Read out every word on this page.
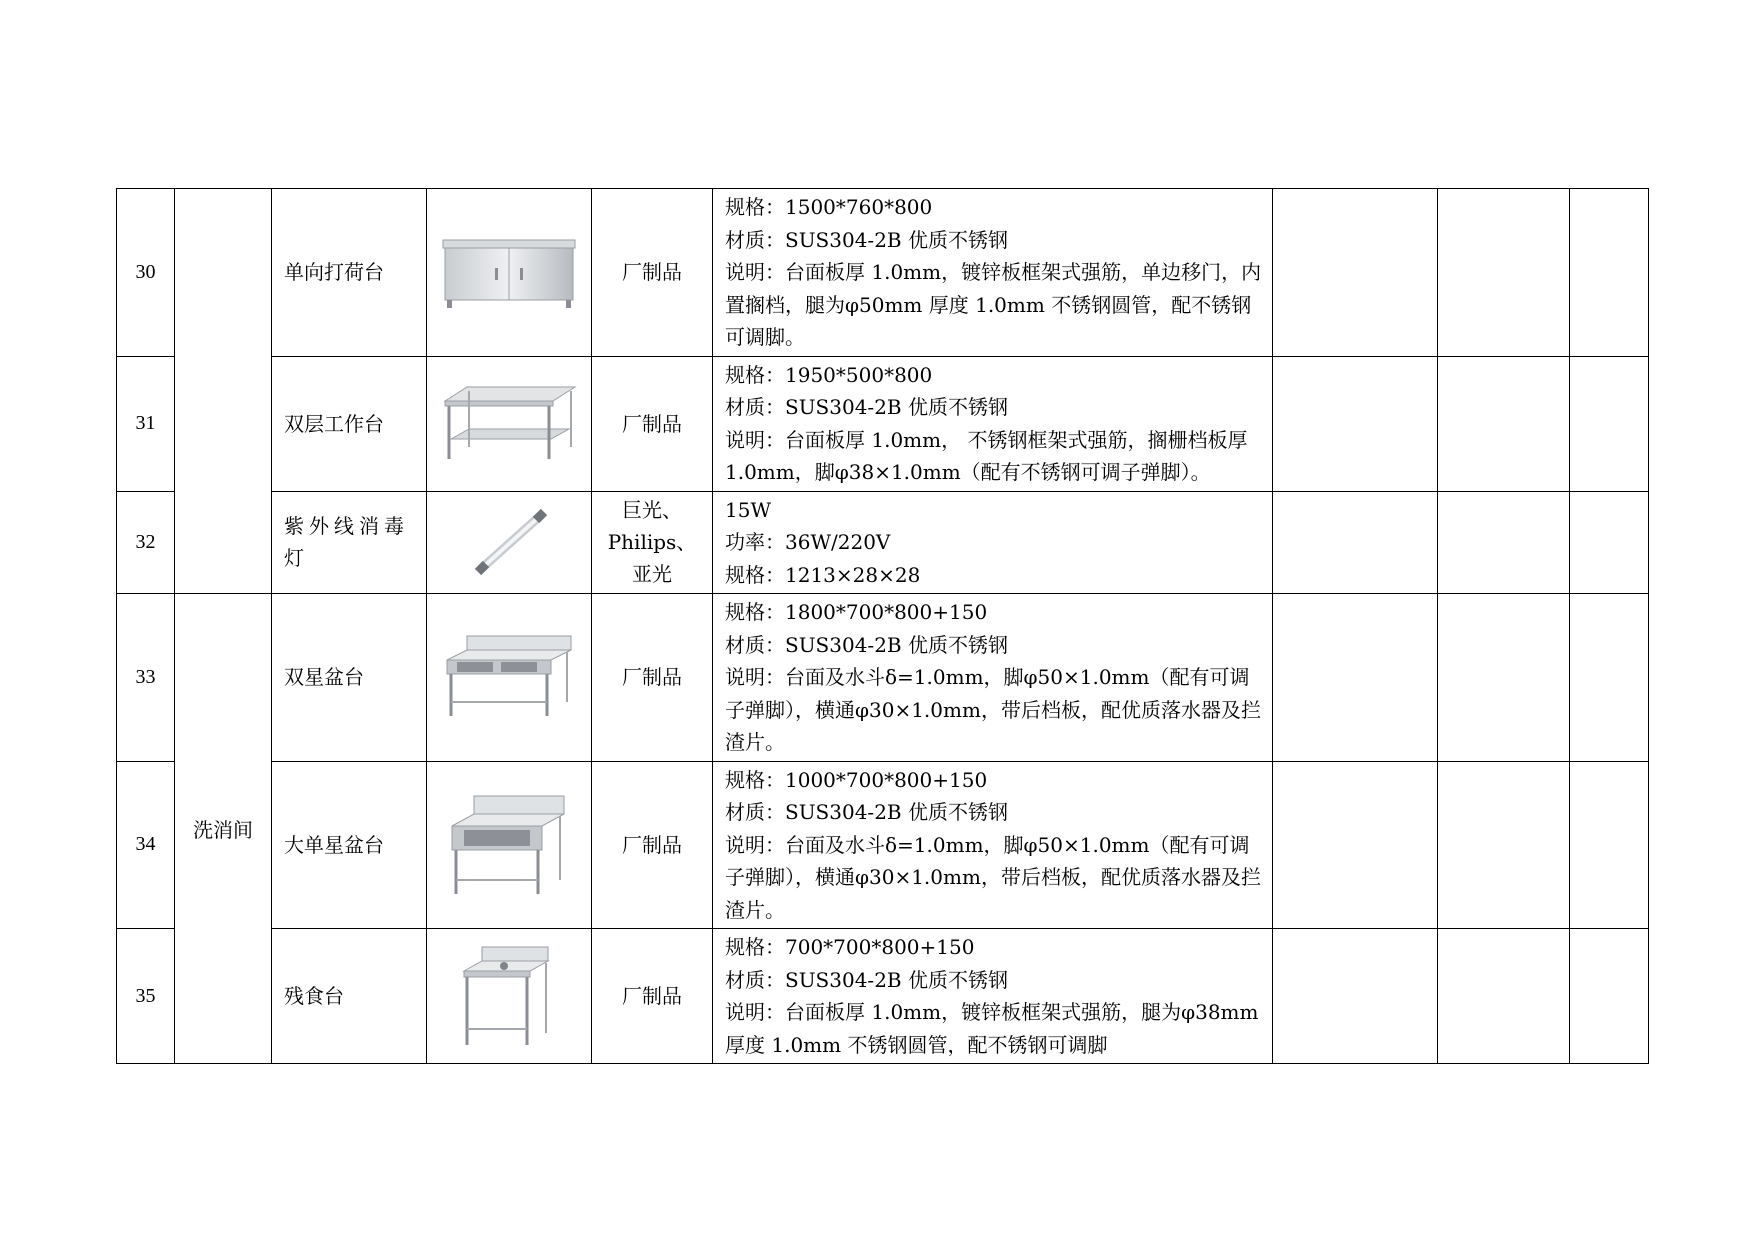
30		单向打荷台		厂制品	规格：1500*760*800

材质：SUS304-2B 优质不锈钢

说明：台面板厚 1.0mm，镀锌板框架式强筋，单边移门，内置搁档，腿为φ50mm 厚度 1.0mm 不锈钢圆管，配不锈钢可调脚。			

31		双层工作台		厂制品	规格：1950*500*800

材质：SUS304-2B 优质不锈钢

说明：台面板厚 1.0mm， 不锈钢框架式强筋，搁栅档板厚 1.0mm，脚φ38×1.0mm（配有不锈钢可调子弹脚）。			

32		紫外线消毒灯		巨光、Philips、亚光	15W

功率：36W/220V

规格：1213×28×28			

33	洗消间	双星盆台		厂制品	规格：1800*700*800+150

材质：SUS304-2B 优质不锈钢

说明：台面及水斗δ=1.0mm，脚φ50×1.0mm（配有可调子弹脚），横通φ30×1.0mm，带后档板，配优质落水器及拦渣片。			

34		大单星盆台		厂制品	规格：1000*700*800+150

材质：SUS304-2B 优质不锈钢

说明：台面及水斗δ=1.0mm，脚φ50×1.0mm（配有可调子弹脚），横通φ30×1.0mm，带后档板，配优质落水器及拦渣片。			

35		残食台		厂制品	规格：700*700*800+150

材质：SUS304-2B 优质不锈钢

说明：台面板厚 1.0mm，镀锌板框架式强筋，腿为φ38mm 厚度 1.0mm 不锈钢圆管，配不锈钢可调脚			
